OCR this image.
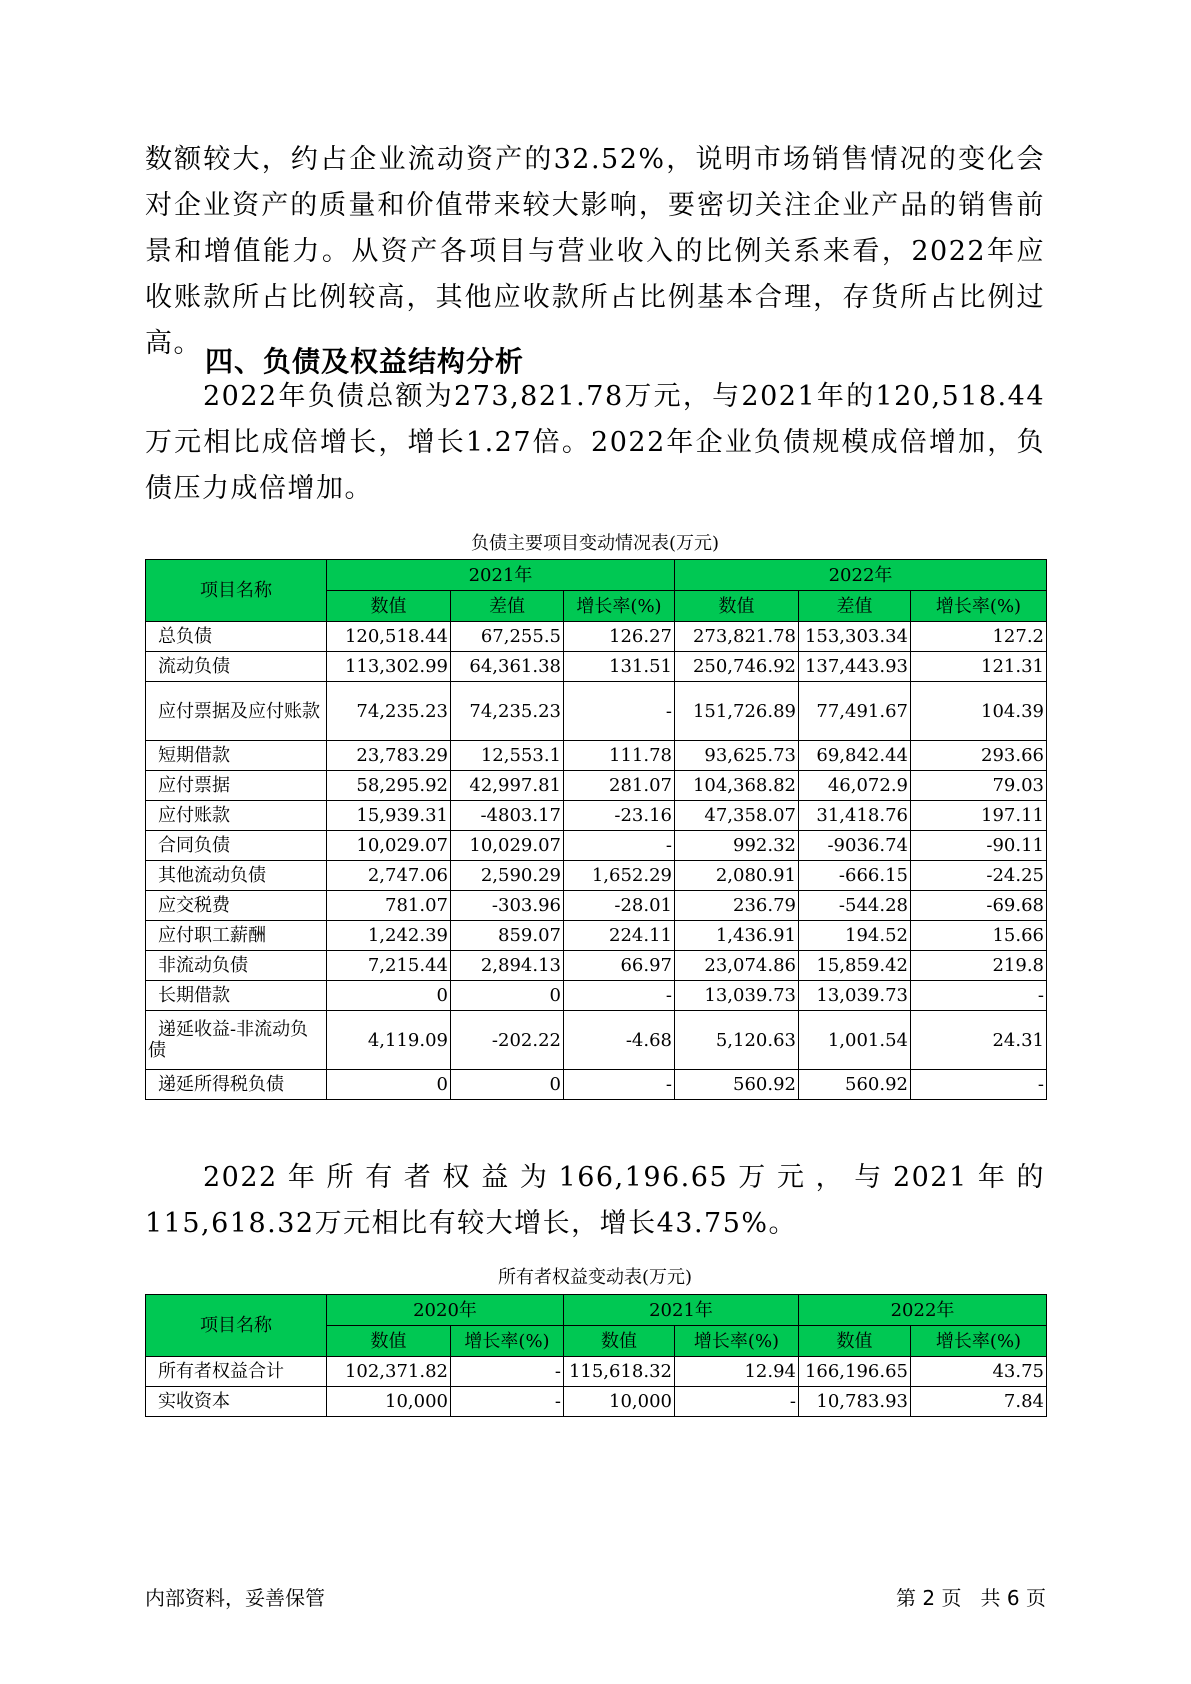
数额较大，约占企业流动资产的32.52%，说明市场销售情况的变化会对企业资产的质量和价值带来较大影响，要密切关注企业产品的销售前景和增值能力。从资产各项目与营业收入的比例关系来看，2022年应收账款所占比例较高，其他应收款所占比例基本合理，存货所占比例过高。

四、负债及权益结构分析

2022年负债总额为273,821.78万元，与2021年的120,518.44万元相比成倍增长，增长1.27倍。2022年企业负债规模成倍增加，负债压力成倍增加。

负债主要项目变动情况表(万元)
项目名称	2021年			2022年		
	数值	差值	增长率(%)	数值	差值	增长率(%)
总负债	120,518.44	67,255.5	126.27	273,821.78	153,303.34	127.2
流动负债	113,302.99	64,361.38	131.51	250,746.92	137,443.93	121.31
应付票据及应付账款	74,235.23	74,235.23	-	151,726.89	77,491.67	104.39
短期借款	23,783.29	12,553.1	111.78	93,625.73	69,842.44	293.66
应付票据	58,295.92	42,997.81	281.07	104,368.82	46,072.9	79.03
应付账款	15,939.31	-4803.17	-23.16	47,358.07	31,418.76	197.11
合同负债	10,029.07	10,029.07	-	992.32	-9036.74	-90.11
其他流动负债	2,747.06	2,590.29	1,652.29	2,080.91	-666.15	-24.25
应交税费	781.07	-303.96	-28.01	236.79	-544.28	-69.68
应付职工薪酬	1,242.39	859.07	224.11	1,436.91	194.52	15.66
非流动负债	7,215.44	2,894.13	66.97	23,074.86	15,859.42	219.8
长期借款	0	0	-	13,039.73	13,039.73	-
递延收益-非流动负债	4,119.09	-202.22	-4.68	5,120.63	1,001.54	24.31
递延所得税负债	0	0	-	560.92	560.92	-

2022年所有者权益为166,196.65万元，与2021年的115,618.32万元相比有较大增长，增长43.75%。

所有者权益变动表(万元)
项目名称	2020年		2021年		2022年	
	数值	增长率(%)	数值	增长率(%)	数值	增长率(%)
所有者权益合计	102,371.82	-	115,618.32	12.94	166,196.65	43.75
实收资本	10,000	-	10,000	-	10,783.93	7.84
内部资料，妥善保管	第 2 页   共 6 页
